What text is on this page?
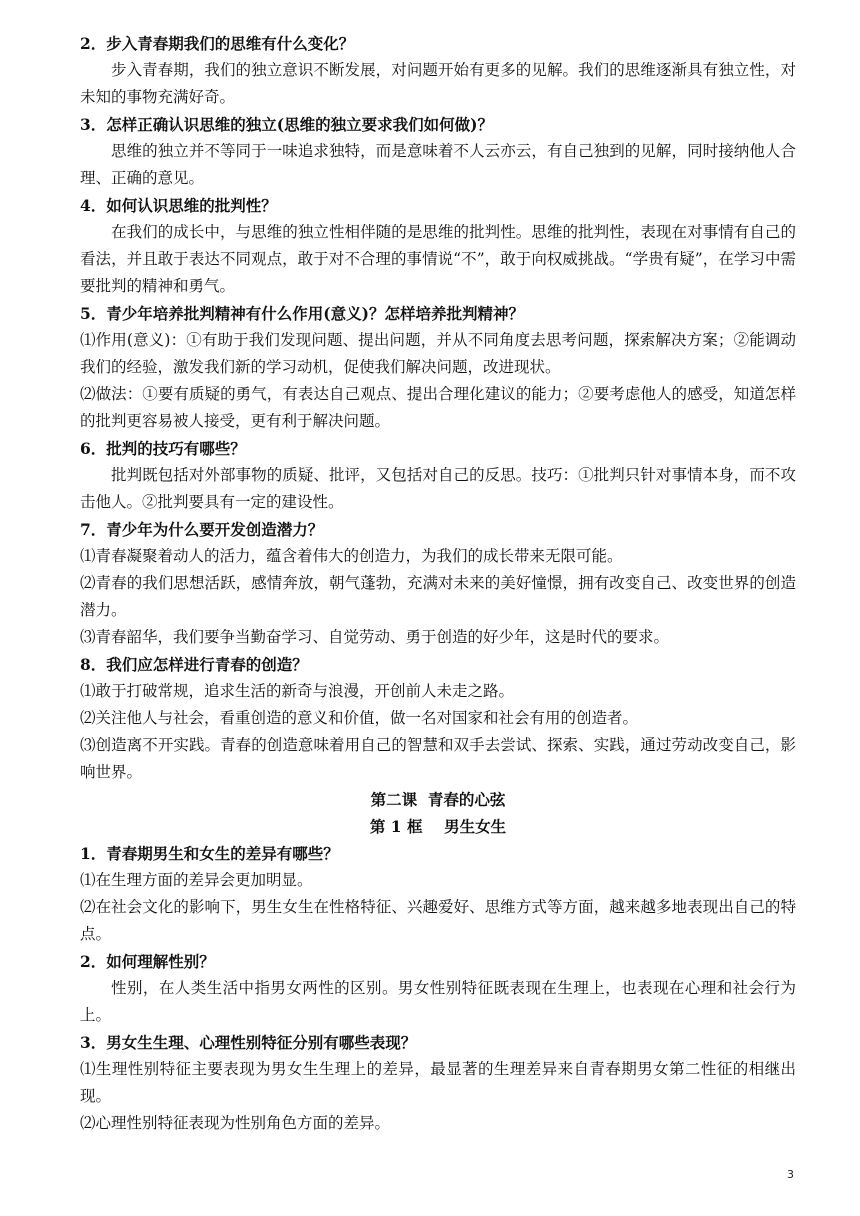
2．步入青春期我们的思维有什么变化？

步入青春期，我们的独立意识不断发展，对问题开始有更多的见解。我们的思维逐渐具有独立性，对未知的事物充满好奇。

3．怎样正确认识思维的独立(思维的独立要求我们如何做)？

思维的独立并不等同于一味追求独特，而是意味着不人云亦云，有自己独到的见解，同时接纳他人合理、正确的意见。

4．如何认识思维的批判性？

在我们的成长中，与思维的独立性相伴随的是思维的批判性。思维的批判性，表现在对事情有自己的看法，并且敢于表达不同观点，敢于对不合理的事情说“不”，敢于向权威挑战。“学贵有疑”，在学习中需要批判的精神和勇气。

5．青少年培养批判精神有什么作用(意义)？怎样培养批判精神？

⑴作用(意义)：①有助于我们发现问题、提出问题，并从不同角度去思考问题，探索解决方案；②能调动我们的经验，激发我们新的学习动机，促使我们解决问题，改进现状。

⑵做法：①要有质疑的勇气，有表达自己观点、提出合理化建议的能力；②要考虑他人的感受，知道怎样的批判更容易被人接受，更有利于解决问题。

6．批判的技巧有哪些？

批判既包括对外部事物的质疑、批评，又包括对自己的反思。技巧：①批判只针对事情本身，而不攻击他人。②批判要具有一定的建设性。

7．青少年为什么要开发创造潜力？

⑴青春凝聚着动人的活力，蕴含着伟大的创造力，为我们的成长带来无限可能。

⑵青春的我们思想活跃，感情奔放，朝气蓬勃，充满对未来的美好憧憬，拥有改变自己、改变世界的创造潜力。

⑶青春韶华，我们要争当勤奋学习、自觉劳动、勇于创造的好少年，这是时代的要求。

8．我们应怎样进行青春的创造？

⑴敢于打破常规，追求生活的新奇与浪漫，开创前人未走之路。

⑵关注他人与社会，看重创造的意义和价值，做一名对国家和社会有用的创造者。

⑶创造离不开实践。青春的创造意味着用自己的智慧和双手去尝试、探索、实践，通过劳动改变自己，影响世界。

第二课  青春的心弦

第 1 框    男生女生

1．青春期男生和女生的差异有哪些？

⑴在生理方面的差异会更加明显。

⑵在社会文化的影响下，男生女生在性格特征、兴趣爱好、思维方式等方面，越来越多地表现出自己的特点。

2．如何理解性别？

性别，在人类生活中指男女两性的区别。男女性别特征既表现在生理上，也表现在心理和社会行为上。

3．男女生生理、心理性别特征分别有哪些表现？

⑴生理性别特征主要表现为男女生生理上的差异，最显著的生理差异来自青春期男女第二性征的相继出现。

⑵心理性别特征表现为性别角色方面的差异。

3
